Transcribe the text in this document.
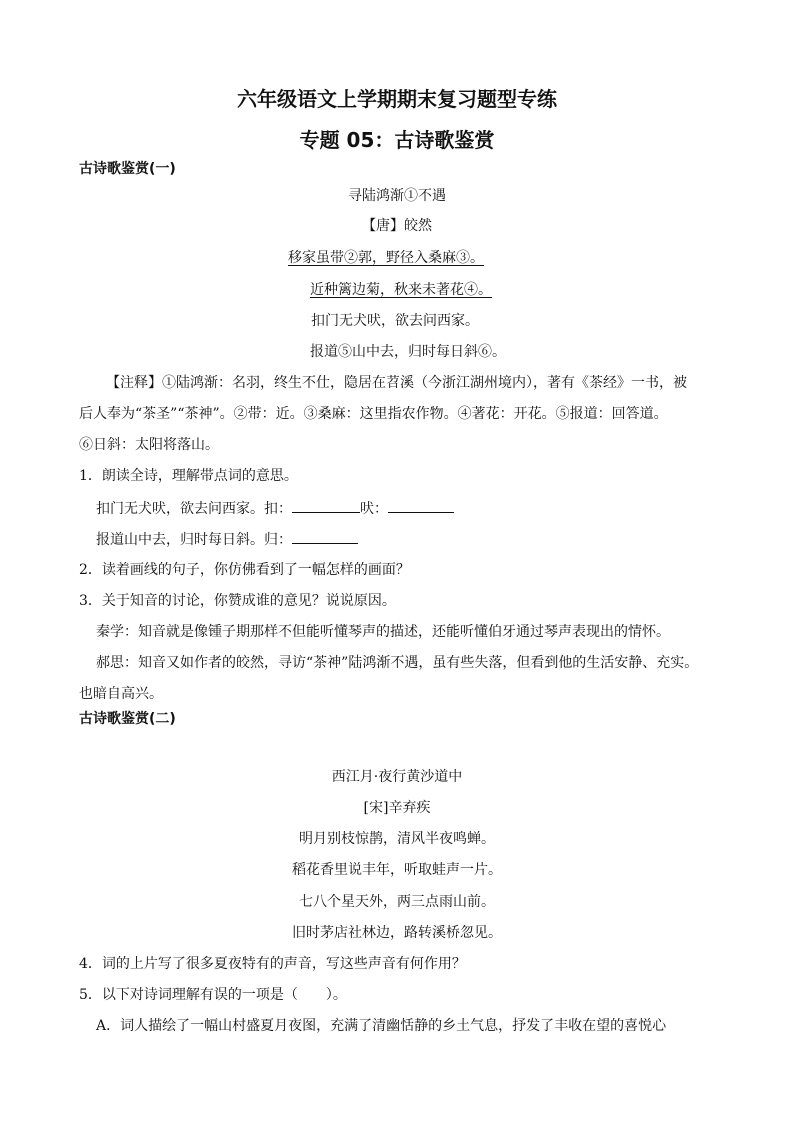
六年级语文上学期期末复习题型专练
专题 05：古诗歌鉴赏
古诗歌鉴赏(一)
寻陆鸿渐①不遇
【唐】皎然
移家虽带②郭，野径入桑麻③。
近种篱边菊，秋来未著花④。
扣门无犬吠，欲去问西家。
报道⑤山中去，归时每日斜⑥。
【注释】①陆鸿渐：名羽，终生不仕，隐居在苕溪（今浙江湖州境内），著有《茶经》一书，被
后人奉为“茶圣”“茶神”。②带：近。③桑麻：这里指农作物。④著花：开花。⑤报道：回答道。
⑥日斜：太阳将落山。
1．朗读全诗，理解带点词的意思。
扣门无犬吠，欲去问西家。扣：	吠：
报道山中去，归时每日斜。归：
2．读着画线的句子，你仿佛看到了一幅怎样的画面？
3．关于知音的讨论，你赞成谁的意见？说说原因。
秦学：知音就是像锺子期那样不但能听懂琴声的描述，还能听懂伯牙通过琴声表现出的情怀。
郝思：知音又如作者的皎然，寻访“茶神”陆鸿渐不遇，虽有些失落，但看到他的生活安静、充实。
也暗自高兴。
古诗歌鉴赏(二)
西江月·夜行黄沙道中
[宋]辛弃疾
明月别枝惊鹊，清风半夜鸣蝉。
稻花香里说丰年，听取蛙声一片。
七八个星天外，两三点雨山前。
旧时茅店社林边，路转溪桥忽见。
4．词的上片写了很多夏夜特有的声音，写这些声音有何作用？
5．以下对诗词理解有误的一项是（　　）。
A．词人描绘了一幅山村盛夏月夜图，充满了清幽恬静的乡土气息，抒发了丰收在望的喜悦心
